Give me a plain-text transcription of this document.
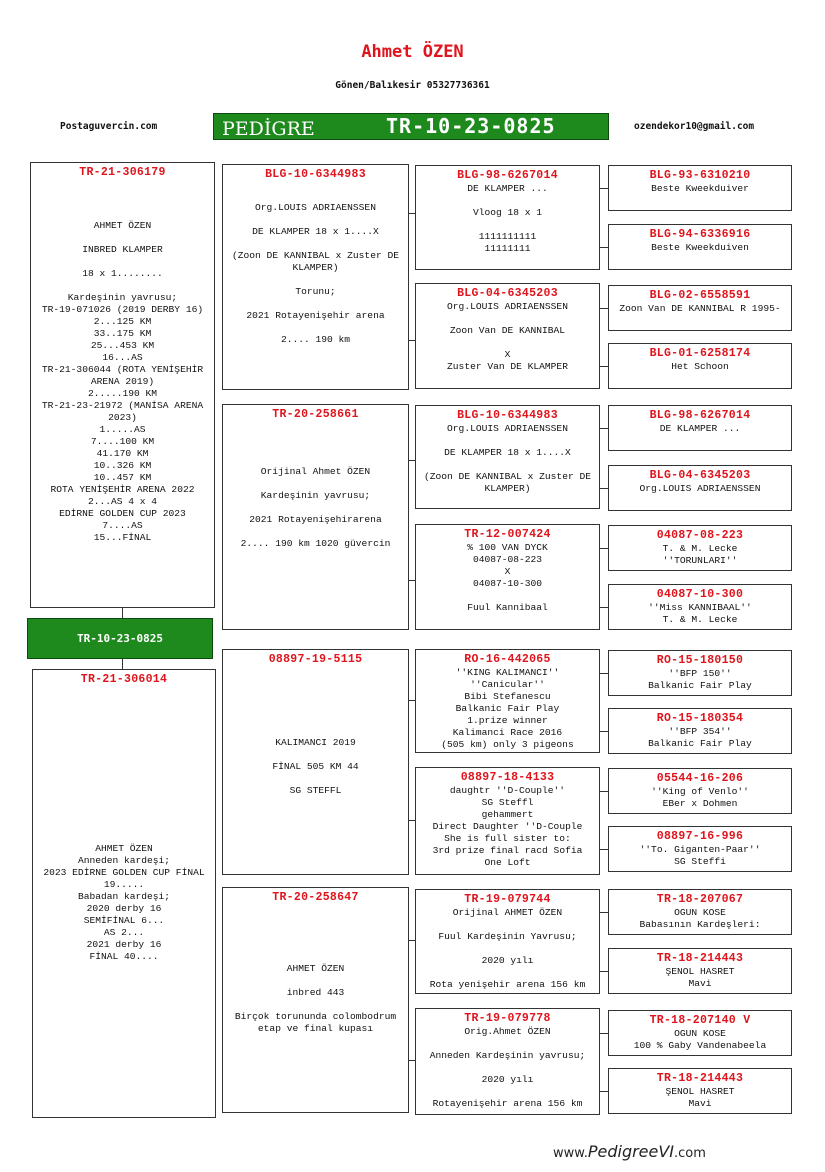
Ahmet ÖZEN
Gönen/Balıkesir 05327736361
Postaguvercin.com	ozendekor10@gmail.com
PEDİGRE	TR-10-23-0825
TR-21-306179
AHMET ÖZEN

INBRED KLAMPER

18 x 1........

Kardeşinin yavrusu;
TR-19-071026 (2019 DERBY 16)
2...125 KM
33..175 KM
25...453 KM
16...AS
TR-21-306044 (ROTA YENİŞEHİR ARENA 2019)
2.....190 KM
TR-21-23-21972 (MANİSA ARENA 2023)
1.....AS
7....100 KM
41.170 KM
10..326 KM
10..457 KM
ROTA YENİŞEHİR ARENA 2022
2...AS 4 x 4
EDİRNE GOLDEN CUP 2023
7....AS
15...FİNAL
TR-10-23-0825
TR-21-306014
AHMET ÖZEN
Anneden kardeşi;
2023 EDİRNE GOLDEN CUP FİNAL 19.....
Babadan kardeşi;
2020 derby 16
SEMİFİNAL 6...
AS 2...
2021 derby 16
FİNAL 40....
BLG-10-6344983
Org.LOUIS ADRIAENSSEN

DE KLAMPER 18 x 1....X

(Zoon DE KANNIBAL x Zuster DE KLAMPER)

Torunu;

2021 Rotayenişehir arena

2.... 190 km
TR-20-258661
Orijinal Ahmet ÖZEN

Kardeşinin yavrusu;

2021 Rotayenişehirarena

2.... 190 km 1020 güvercin
08897-19-5115
KALIMANCI 2019

FİNAL 505 KM 44

SG STEFFL
TR-20-258647
AHMET ÖZEN

inbred 443

Birçok torununda colombodrum etap ve final kupası
BLG-98-6267014
DE KLAMPER ...

Vloog 18 x 1

1111111111
11111111
BLG-04-6345203
Org.LOUIS ADRIAENSSEN

Zoon Van DE KANNIBAL

X
Zuster Van DE KLAMPER
BLG-10-6344983
Org.LOUIS ADRIAENSSEN

DE KLAMPER 18 x 1....X

(Zoon DE KANNIBAL x Zuster DE KLAMPER)
TR-12-007424
% 100 VAN DYCK
04087-08-223
X
04087-10-300

Fuul Kannibaal
RO-16-442065
''KING KALIMANCI''
''Canicular''
Bibi Stefanescu
Balkanic Fair Play
1.prize winner
Kalimanci Race 2016
(505 km) only 3 pigeons
08897-18-4133
daughtr ''D-Couple''
SG Steffl
gehammert
Direct Daughter ''D-Couple
She is full sister to:
3rd prize final racd Sofia
One Loft
TR-19-079744
Orijinal AHMET ÖZEN

Fuul Kardeşinin Yavrusu;

2020 yılı

Rota yenişehir arena 156 km
TR-19-079778
Orig.Ahmet ÖZEN

Anneden Kardeşinin yavrusu;

2020 yılı

Rotayenişehir arena 156 km
BLG-93-6310210
Beste Kweekduiver
BLG-94-6336916
Beste Kweekduiven
BLG-02-6558591
Zoon Van DE KANNIBAL R 1995-
BLG-01-6258174
Het Schoon
BLG-98-6267014
DE KLAMPER ...
BLG-04-6345203
Org.LOUIS ADRIAENSSEN
04087-08-223
T. & M. Lecke
''TORUNLARI''
04087-10-300
''Miss KANNIBAAL''
T. & M. Lecke
RO-15-180150
''BFP 150''
Balkanic Fair Play
RO-15-180354
''BFP 354''
Balkanic Fair Play
05544-16-206
''King of Venlo''
EBer x Dohmen
08897-16-996
''To. Giganten-Paar''
SG Steffi
TR-18-207067
OGUN KOSE
Babasının Kardeşleri:
TR-18-214443
ŞENOL HASRET
Mavi
TR-18-207140 V
OGUN KOSE
100 % Gaby Vandenabeela
TR-18-214443
ŞENOL HASRET
Mavi
www.PedigreeVI.com
